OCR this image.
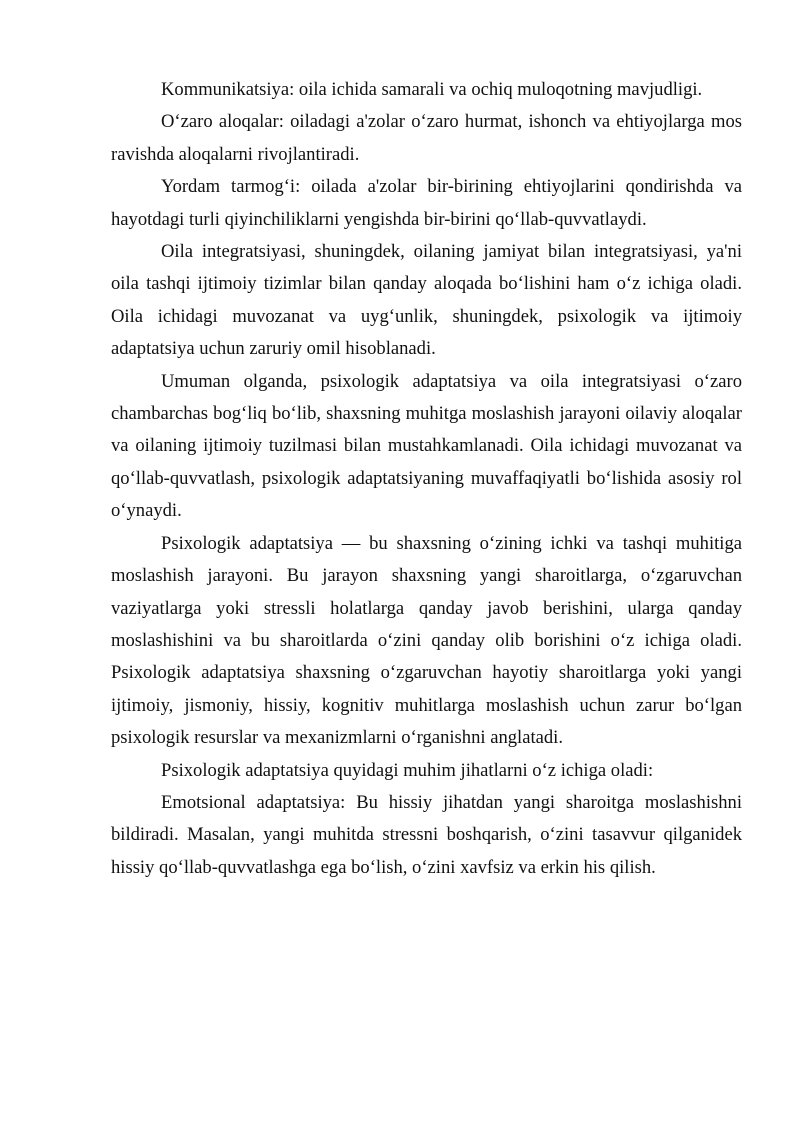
Kommunikatsiya: oila ichida samarali va ochiq muloqotning mavjudligi.

O‘zaro aloqalar: oiladagi a'zolar o‘zaro hurmat, ishonch va ehtiyojlarga mos ravishda aloqalarni rivojlantiradi.

Yordam tarmog‘i: oilada a'zolar bir-birining ehtiyojlarini qondirishda va hayotdagi turli qiyinchiliklarni yengishda bir-birini qo‘llab-quvvatlaydi.

Oila integratsiyasi, shuningdek, oilaning jamiyat bilan integratsiyasi, ya'ni oila tashqi ijtimoiy tizimlar bilan qanday aloqada bo‘lishini ham o‘z ichiga oladi. Oila ichidagi muvozanat va uyg‘unlik, shuningdek, psixologik va ijtimoiy adaptatsiya uchun zaruriy omil hisoblanadi.

Umuman olganda, psixologik adaptatsiya va oila integratsiyasi o‘zaro chambarchas bog‘liq bo‘lib, shaxsning muhitga moslashish jarayoni oilaviy aloqalar va oilaning ijtimoiy tuzilmasi bilan mustahkamlanadi. Oila ichidagi muvozanat va qo‘llab-quvvatlash, psixologik adaptatsiyaning muvaffaqiyatli bo‘lishida asosiy rol o‘ynaydi.

Psixologik adaptatsiya — bu shaxsning o‘zining ichki va tashqi muhitiga moslashish jarayoni. Bu jarayon shaxsning yangi sharoitlarga, o‘zgaruvchan vaziyatlarga yoki stressli holatlarga qanday javob berishini, ularga qanday moslashishini va bu sharoitlarda o‘zini qanday olib borishini o‘z ichiga oladi. Psixologik adaptatsiya shaxsning o‘zgaruvchan hayotiy sharoitlarga yoki yangi ijtimoiy, jismoniy, hissiy, kognitiv muhitlarga moslashish uchun zarur bo‘lgan psixologik resurslar va mexanizmlarni o‘rganishni anglatadi.

Psixologik adaptatsiya quyidagi muhim jihatlarni o‘z ichiga oladi:

Emotsional adaptatsiya: Bu hissiy jihatdan yangi sharoitga moslashishni bildiradi. Masalan, yangi muhitda stressni boshqarish, o‘zini tasavvur qilganidek hissiy qo‘llab-quvvatlashga ega bo‘lish, o‘zini xavfsiz va erkin his qilish.
